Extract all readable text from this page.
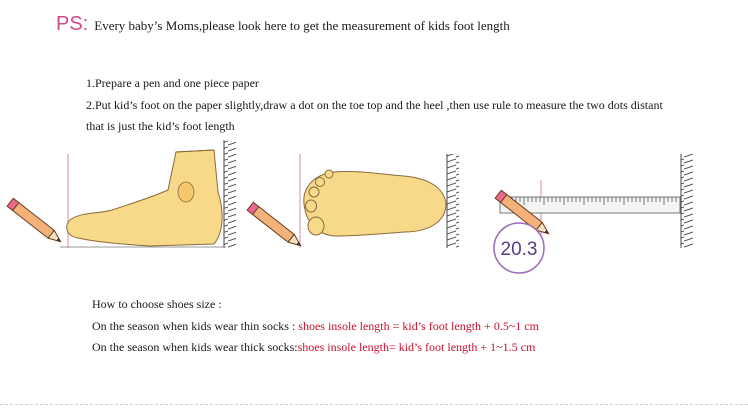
PS: Every baby’s Moms,please look here to get the measurement of kids foot length
1.Prepare a pen and one piece paper
2.Put kid’s foot on the paper slightly,draw a dot on the toe top and the heel ,then use rule to measure the two dots distant
that is just the kid’s foot length
20.3
How to choose shoes size :
On the season when kids wear thin socks : shoes insole length = kid’s foot length + 0.5~1 cm
On the season when kids wear thick socks:shoes insole length= kid’s foot length + 1~1.5 cm
